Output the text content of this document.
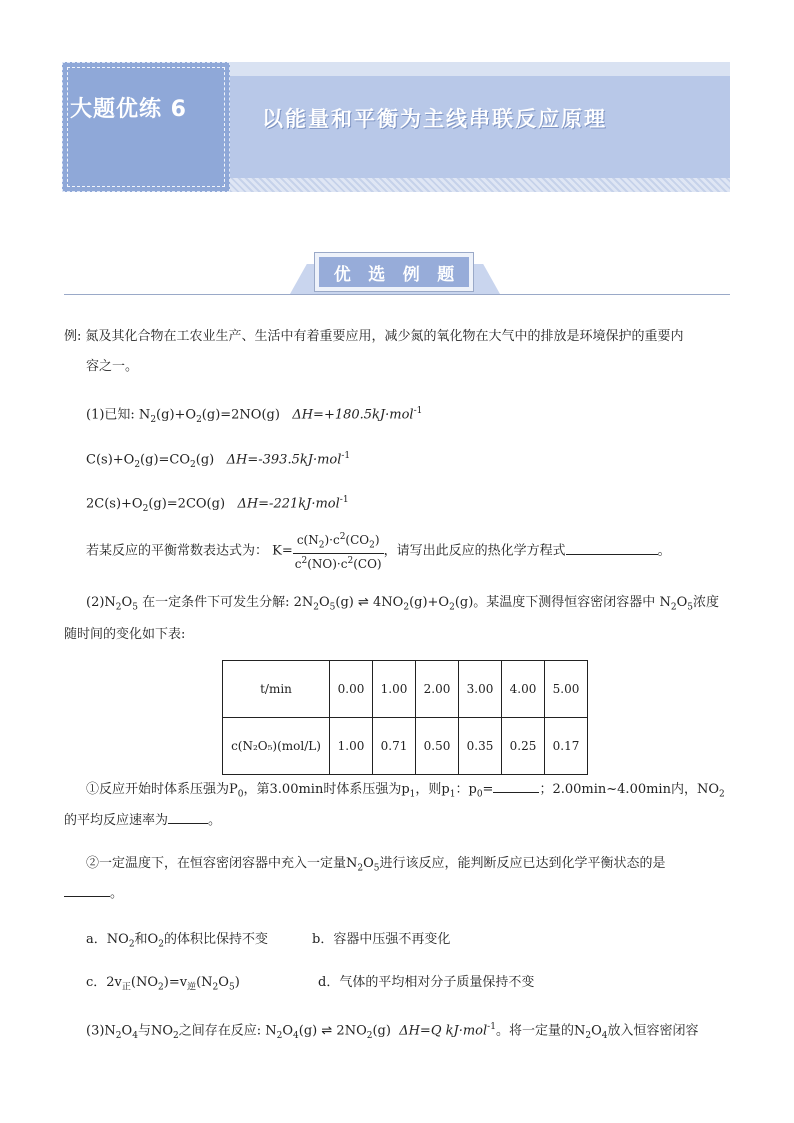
大题优练 6	以能量和平衡为主线串联反应原理
优 选 例 题
例: 氮及其化合物在工农业生产、生活中有着重要应用，减少氮的氧化物在大气中的排放是环境保护的重要内
容之一。
(1)已知: $N_2(g)+O_2(g)=2NO(g)$   ΔH=+180.5kJ·mol$^{-1}$
$C(s)+O_2(g)=CO_2(g)$   ΔH=-393.5kJ·mol$^{-1}$
$2C(s)+O_2(g)=2CO(g)$   ΔH=-221kJ·mol$^{-1}$
若某反应的平衡常数表达式为： $K= \frac{c(N_2)\cdot c^2(CO_2)}{c^2(NO)\cdot c^2(CO)}$ ，请写出此反应的热化学方程式	。
$(2)N_2O_5$ 在一定条件下可发生分解: $2N_2O_5(g)$ ⇌ $4NO_2(g)+O_2(g)$。某温度下测得恒容密闭容器中 $N_2O_5$浓度
随时间的变化如下表:
t/min	0.00	1.00	2.00	3.00	4.00	5.00
c(N₂O₅)(mol/L)	1.00	0.71	0.50	0.35	0.25	0.17
①反应开始时体系压强为$P_0$，第3.00min时体系压强为$p_1$，则$p_1$：$p_0=$	；2.00min~4.00min内，$NO_2$
的平均反应速率为	。
②一定温度下，在恒容密闭容器中充入一定量$N_2O_5$进行该反应，能判断反应已达到化学平衡状态的是
。
a．$NO_2$和$O_2$的体积比保持不变	b．容器中压强不再变化
c．$2v_正(NO_2)=v_逆(N_2O_5)$	d．气体的平均相对分子质量保持不变
$(3)N_2O_4$与$NO_2$之间存在反应: $N_2O_4(g)$ ⇌ $2NO_2(g)$  ΔH=Q kJ·mol$^{-1}$。将一定量的$N_2O_4$放入恒容密闭容
